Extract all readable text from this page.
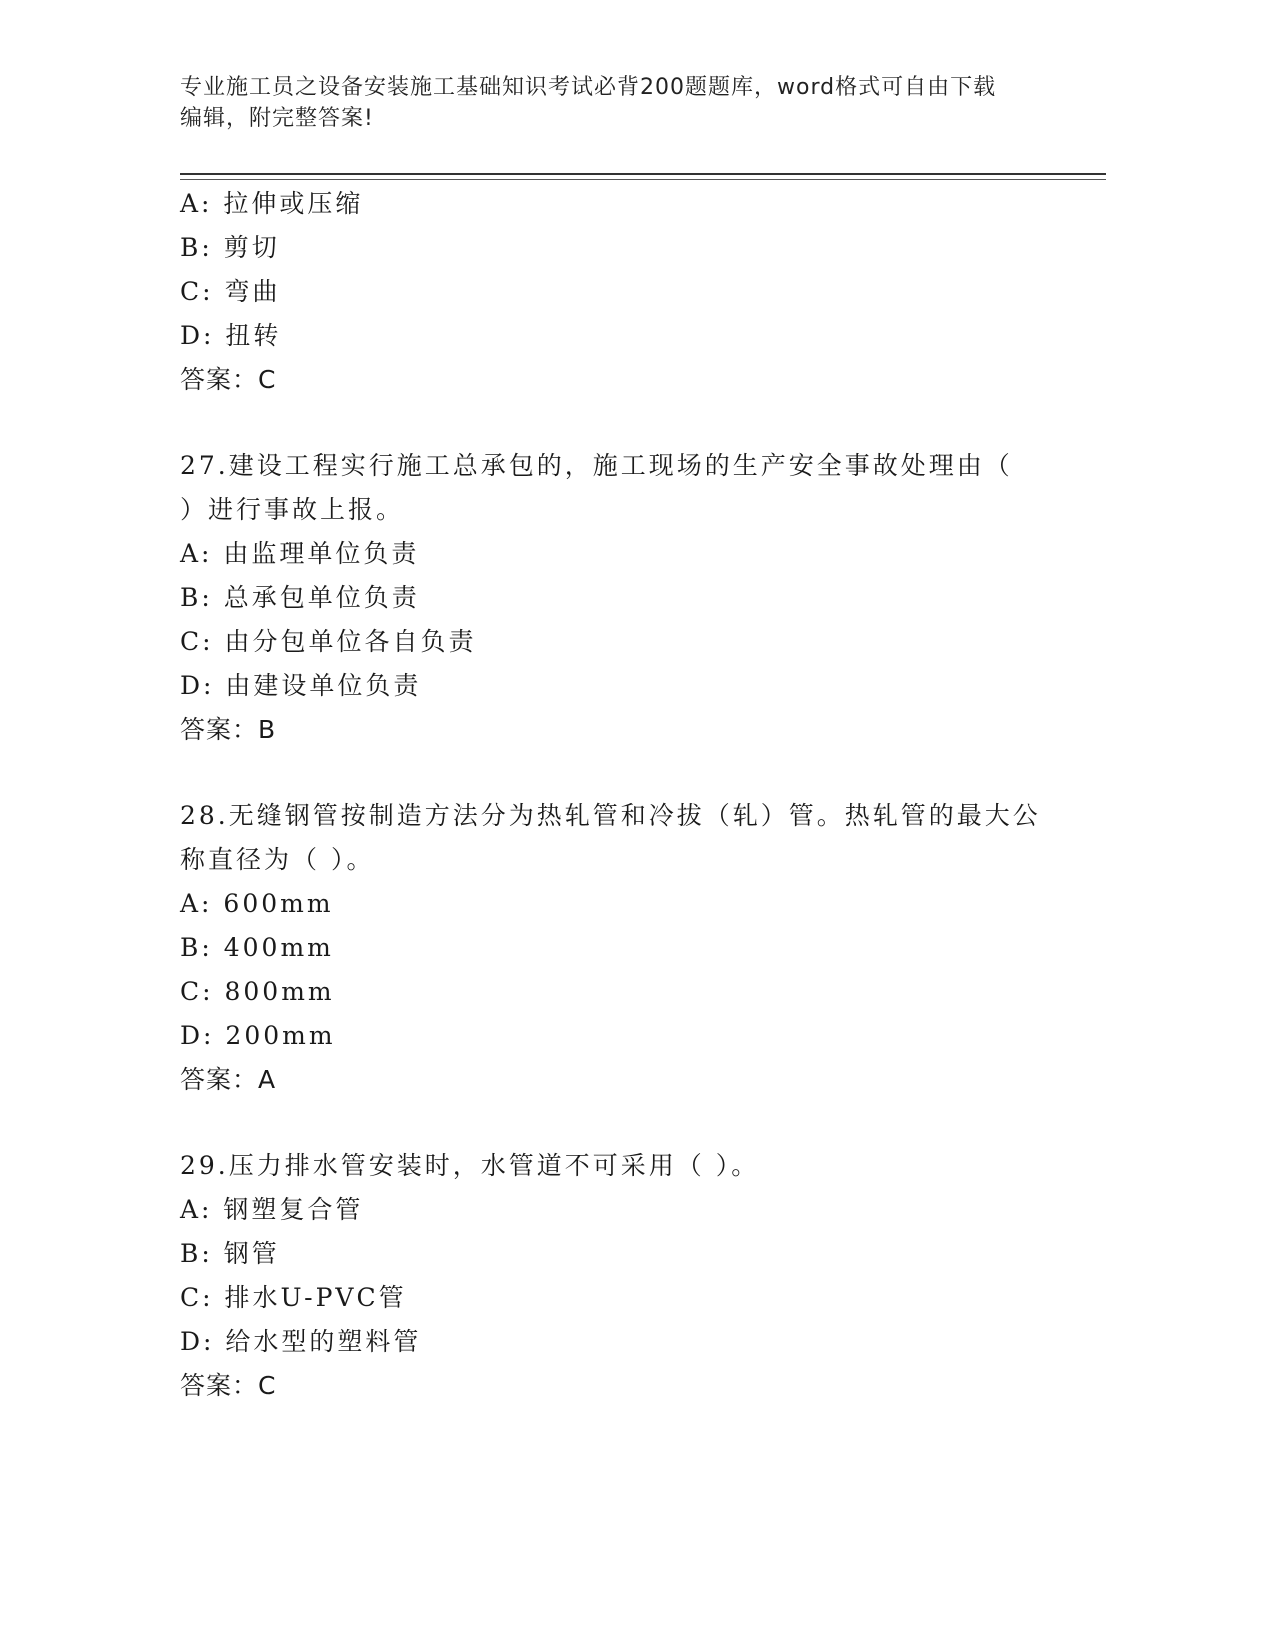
专业施工员之设备安装施工基础知识考试必背200题题库，word格式可自由下载
编辑，附完整答案!
A: 拉伸或压缩
B: 剪切
C: 弯曲
D: 扭转
答案：C
27.建设工程实行施工总承包的，施工现场的生产安全事故处理由（
）进行事故上报。
A: 由监理单位负责
B: 总承包单位负责
C: 由分包单位各自负责
D: 由建设单位负责
答案：B
28.无缝钢管按制造方法分为热轧管和冷拔（轧）管。热轧管的最大公
称直径为（ ）。
A: 600mm
B: 400mm
C: 800mm
D: 200mm
答案：A
29.压力排水管安装时，水管道不可采用（ ）。
A: 钢塑复合管
B: 钢管
C: 排水U-PVC管
D: 给水型的塑料管
答案：C
